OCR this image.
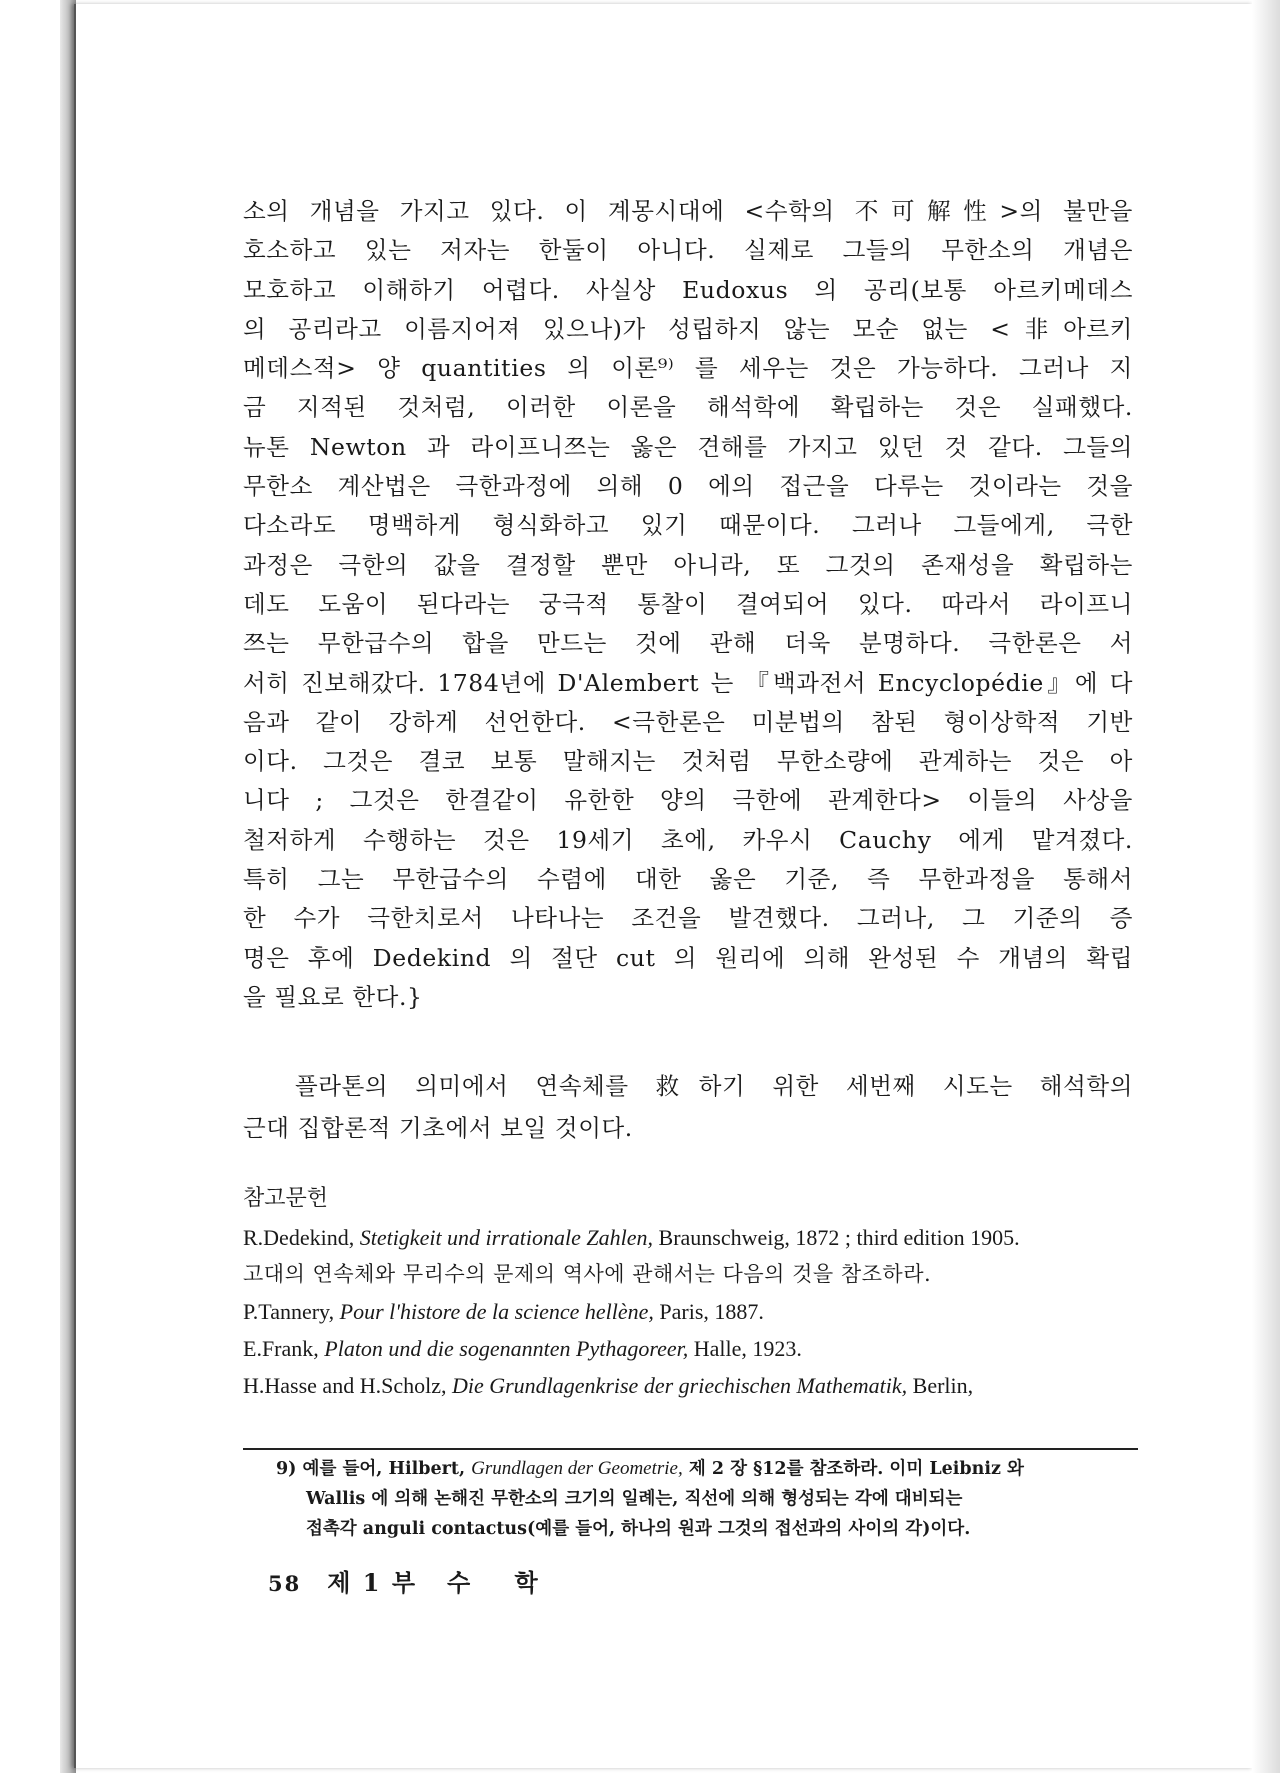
소의 개념을 가지고 있다. 이 계몽시대에 <수학의 不可解性>의 불만을
호소하고 있는 저자는 한둘이 아니다. 실제로 그들의 무한소의 개념은
모호하고 이해하기 어렵다. 사실상 Eudoxus 의 공리(보통 아르키메데스
의 공리라고 이름지어져 있으나)가 성립하지 않는 모순 없는 <非아르키
메데스적> 양 quantities 의 이론⁹⁾ 를 세우는 것은 가능하다. 그러나 지
금 지적된 것처럼, 이러한 이론을 해석학에 확립하는 것은 실패했다.
뉴톤 Newton 과 라이프니쯔는 옳은 견해를 가지고 있던 것 같다. 그들의
무한소 계산법은 극한과정에 의해 0 에의 접근을 다루는 것이라는 것을
다소라도 명백하게 형식화하고 있기 때문이다. 그러나 그들에게, 극한
과정은 극한의 값을 결정할 뿐만 아니라, 또 그것의 존재성을 확립하는
데도 도움이 된다라는 궁극적 통찰이 결여되어 있다. 따라서 라이프니
쯔는 무한급수의 합을 만드는 것에 관해 더욱 분명하다. 극한론은 서
서히 진보해갔다. 1784년에 D'Alembert 는 『백과전서 Encyclopédie』에 다
음과 같이 강하게 선언한다. <극한론은 미분법의 참된 형이상학적 기반
이다. 그것은 결코 보통 말해지는 것처럼 무한소량에 관계하는 것은 아
니다 ; 그것은 한결같이 유한한 양의 극한에 관계한다> 이들의 사상을
철저하게 수행하는 것은 19세기 초에, 카우시 Cauchy 에게 맡겨졌다.
특히 그는 무한급수의 수렴에 대한 옳은 기준, 즉 무한과정을 통해서
한 수가 극한치로서 나타나는 조건을 발견했다. 그러나, 그 기준의 증
명은 후에 Dedekind 의 절단 cut 의 원리에 의해 완성된 수 개념의 확립
을 필요로 한다.}
플라톤의 의미에서 연속체를 救하기 위한 세번째 시도는 해석학의
근대 집합론적 기초에서 보일 것이다.
참고문헌
R.Dedekind, Stetigkeit und irrationale Zahlen, Braunschweig, 1872 ; third edition 1905.
고대의 연속체와 무리수의 문제의 역사에 관해서는 다음의 것을 참조하라.
P.Tannery, Pour l'histore de la science hellène, Paris, 1887.
E.Frank, Platon und die sogenannten Pythagoreer, Halle, 1923.
H.Hasse and H.Scholz, Die Grundlagenkrise der griechischen Mathematik, Berlin,
9) 예를 들어, Hilbert, Grundlagen der Geometrie, 제 2 장 §12를 참조하라. 이미 Leibniz 와
Wallis 에 의해 논해진 무한소의 크기의 일례는, 직선에 의해 형성되는 각에 대비되는
접촉각 anguli contactus(예를 들어, 하나의 원과 그것의 접선과의 사이의 각)이다.
58 제 1 부 수 학
